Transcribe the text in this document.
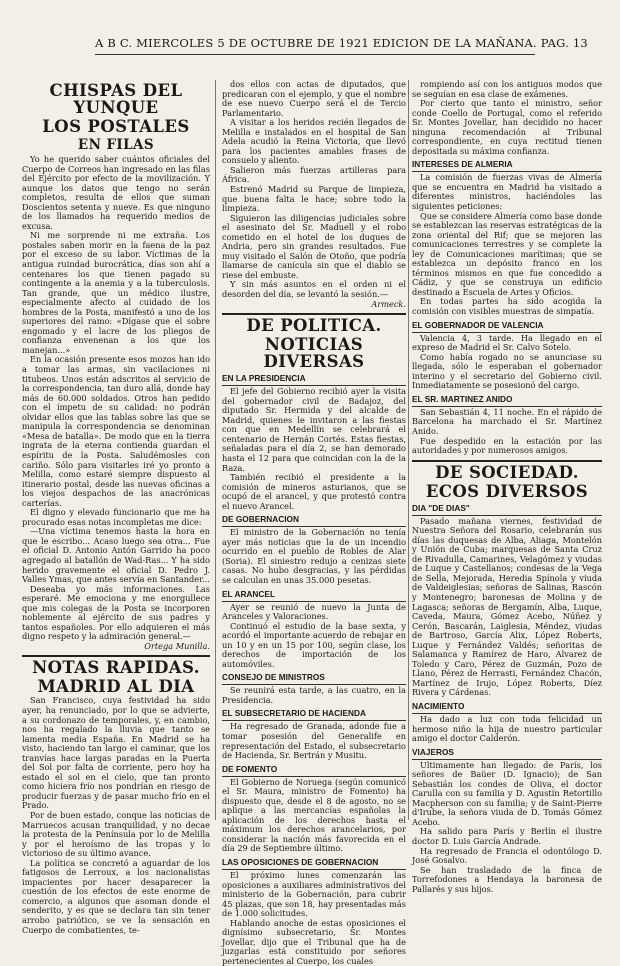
A B C. MIERCOLES 5 DE OCTUBRE DE 1921 EDICION DE LA MAÑANA. PAG. 13
CHISPAS DEL YUNQUE
LOS POSTALES
EN FILAS

Yo he querido saber cuántos oficiales del Cuerpo de Correos han ingresado en las filas del Ejército por efecto de la movilización. Y aunque los datos que tengo no serán completos, resulta de ellos que suman Doscientos setenta y nueve. Es que ninguno de los llamados ha requerido medios de excusa.

Ni me sorprende ni me extraña. Los postales saben morir en la faena de la paz por el exceso de su labor. Víctimas de la antigua ruindad burocrática, días son ahí a centenares los que tienen pagado su contingente a la anemia y a la tuberculosis. Tan grande, que un médico ilustre, especialmente afecto al cuidado de los hombres de la Posta, manifestó a uno de los superiores del ramo: «Dígase que el sobre engomado y el lacre de los pliegos de confianza envenenan a los que los manejan...»

En la ocasión presente esos mozos han ido a tomar las armas, sin vacilaciones ni titubeos. Unos están adscritos al servicio de la correspondencia, tan duro allá, donde hay más de 60.000 soldados. Otros han pedido con el ímpetu de su calidad: no podrán olvidar ellos que las tablas sobre las que se manipula la correspondencia se denominan «Mesa de batalla». De modo que en la tierra ingrata de la eterna contienda guardan el espíritu de la Posta. Saludémosles con cariño. Sólo para visitarles iré yo pronto a Melilla, como estaré siempre dispuesto al itinerario postal, desde las nuevas oficinas a los viejos despachos de las anacrónicas carterías.

El digno y elevado funcionario que me ha procurado esas notas incompletas me dice:

—Una víctima tenemos hasta la hora en que le escribo... Acaso luego sea otra... Fue el oficial D. Antonio Antón Garrido ha poco agregado al batallón de Wad-Ras... Y ha sido herido gravemente el oficial D. Pedro J. Valles Ymas, que antes servía en Santander...

Deseaba yo más informaciones. Las esperaré. Me emociona y me enorgullece que mis colegas de la Posta se incorporen noblemente al ejército de sus padres y tantos españoles. Por ello adquieren el más digno respeto y la admiración general.—

Ortega Munilla.

NOTAS RAPIDAS.
MADRID AL DIA

San Francisco, cuya festividad ha sido ayer, ha renunciado, por lo que se advierte, a su cordonazo de temporales, y, en cambio, nos ha regalado la lluvia que tanto se lamenta media España. En Madrid se ha visto, haciendo tan largo el caminar, que los tranvías hace largas paradas en la Puerta del Sol por falta de corriente, pero hoy ha estado el sol en el cielo, que tan pronto como hiciera frío nos pondrían en riesgo de producir fuerzas y de pasar mucho frío en el Prado.

Por de buen estado, conque las noticias de Marruecos acusan tranquilidad, y no decae la protesta de la Península por lo de Melilla y por el heroísmo de las tropas y lo victorioso de su último avance.

La política se concretó a aguardar de los fatigosos de Lerroux, a los nacionalistas impacientes por hacer desaparecer la cuestión de los efectos de este enorme de comercio, a algunos que asoman donde el senderito, y es que se declara tan sin tener arrobo patriótico, se ve la sensación en Cuerpo de combatientes, te-

dos ellos con actas de diputados, que predicaran con el ejemplo, y que el nombre de ese nuevo Cuerpo será el de Tercio Parlamentario.

A visitar a los heridos recién llegados de Melilla e instalados en el hospital de San Adela acudió la Reina Victoria, que llevó para los pacientes amables frases de consuelo y aliento.

Salieron más fuerzas artilleras para África.

Estrenó Madrid su Parque de limpieza, que buena falta le hace; sobre todo la limpieza.

Siguieron las diligencias judiciales sobre el asesinato del Sr. Maduell y el robo cometido en el hotel de los duques de Andria, pero sin grandes resultados. Fue muy visitado el Salón de Otoño, que podría llamarse de canícula sin que el diablo se riese del embuste.

Y sin más asuntos en el orden ni el desorden del día, se levantó la sesión.—

Armeck.

DE POLITICA.
NOTICIAS DIVERSAS
EN LA PRESIDENCIA

El jefe del Gobierno recibió ayer la visita del gobernador civil de Badajoz, del diputado Sr. Hermida y del alcalde de Madrid, quienes le invitaron a las fiestas con que en Medellín se celebrará el centenario de Hernán Cortés. Estas fiestas, señaladas para el día 2, se han demorado hasta el 12 para que coincidan con la de la Raza.

También recibió el presidente a la comisión de mineros asturianos, que se ocupó de el arancel, y que protestó contra el nuevo Arancel.

DE GOBERNACION

El ministro de la Gobernación no tenía ayer más noticias que la de un incendio ocurrido en el pueblo de Robles de Alar (Soria). El siniestro redujo a cenizas siete casas. No hubo desgracias, y las pérdidas se calculan en unas 35.000 pesetas.

EL ARANCEL

Ayer se reunió de nuevo la Junta de Aranceles y Valoraciones.

Continuó el estudio de la base sexta, y acordó el importante acuerdo de rebajar en un 10 y en un 15 por 100, según clase, los derechos de importación de los automóviles.

CONSEJO DE MINISTROS

Se reunirá esta tarde, a las cuatro, en la Presidencia.

EL SUBSECRETARIO DE HACIENDA

Ha regresado de Granada, adonde fue a tomar posesión del Generalife en representación del Estado, el subsecretario de Hacienda, Sr. Bertrán y Musitu.

DE FOMENTO

El Gobierno de Noruega (según comunicó el Sr. Maura, ministro de Fomento) ha dispuesto que, desde el 8 de agosto, no se aplique a las mercancías españolas la aplicación de los derechos hasta el máximum los derechos arancelarios, por considerar la nación más favorecida en el día 29 de Septiembre último.

LAS OPOSICIONES DE GOBERNACION

El próximo lunes comenzarán las oposiciones a auxiliares administrativos del ministerio de la Gobernación, para cubrir 45 plazas, que son 18, hay presentadas más de 1.000 solicitudes.

Hablando anoche de estas oposiciones el dignísimo subsecretario, Sr. Montes Jovellar, dijo que el Tribunal que ha de juzgarlas está constituido por señores pertenecientes al Cuerpo, los cuales

rompiendo así con los antiguos modos que se seguían en esa clase de exámenes.

Por cierto que tanto el ministro, señor conde Coello de Portugal, como el referido Sr. Montes Jovellar, han decidido no hacer ninguna recomendación al Tribunal correspondiente, en cuya rectitud tienen depositada su máxima confianza.

INTERESES DE ALMERIA

La comisión de fuerzas vivas de Almería que se encuentra en Madrid ha visitado a diferentes ministros, haciéndoles las siguientes peticiones:

Que se considere Almería como base donde se establezcan las reservas estratégicas de la zona oriental del Rif; que se mejoren las comunicaciones terrestres y se complete la ley de Comunicaciones marítimas; que se establezca un depósito franco en los términos mismos en que fue concedido a Cádiz, y que se construya un edificio destinado a Escuela de Artes y Oficios.

En todas partes ha sido acogida la comisión con visibles muestras de simpatía.

EL GOBERNADOR DE VALENCIA

Valencia 4, 3 tarde. Ha llegado en el expreso de Madrid el Sr. Calvo Sotelo.

Como había rogado no se anunciase su llegada, sólo le esperaban el gobernador interino y el secretario del Gobierno civil. Inmediatamente se posesionó del cargo.

EL SR. MARTINEZ ANIDO

San Sebastián 4, 11 noche. En el rápido de Barcelona ha marchado el Sr. Martínez Anido.

Fue despedido en la estación por las autoridades y por numerosos amigos.

DE SOCIEDAD.
ECOS DIVERSOS
DIA "DE DIAS"

Pasado mañana viernes, festividad de Nuestra Señora del Rosario, celebrarán sus días las duquesas de Alba, Aliaga, Montelón y Unión de Cuba; marquesas de Santa Cruz de Rivadulla, Camarines, Velagómez y viudas de Luque y Castellanos; condesas de la Vega de Sella, Mejorada, Heredia Spínola y viuda de Valdeiglesias; señoras de Salinas, Rascón y Montenegro; baronesas de Molina y de Lagasca; señoras de Bergamín, Alba, Luque, Caveda, Maura, Gómez Acebo, Núñez y Cerón, Bascarán, Laiglesia, Méndez, viudas de Bartroso, García Alix, López Roberts, Luque y Fernández Valdés; señoritas de Salamanca y Ramírez de Haro, Alvarez de Toledo y Caro, Pérez de Guzmán, Pozo de Llano, Pérez de Herrasti, Fernández Chacón, Martínez de Irujo, López Roberts, Díez Rivera y Cárdenas.

NACIMIENTO

Ha dado a luz con toda felicidad un hermoso niño la hija de nuestro particular amigo el doctor Calderón.

VIAJEROS

Ultimamente han llegado: de París, los señores de Baüer (D. Ignacio); de San Sebastián los condes de Oliva, el doctor Carulla con su familia y D. Agustín Retortillo Macpherson con su familia; y de Saint-Pierre d'Irube, la señora viuda de D. Tomás Gómez Acebo.

Ha salido para París y Berlín el ilustre doctor D. Luis García Andrade.

Ha regresado de Francia el odontólogo D. José Gosalvo.

Se han trasladado de la finca de Torrefodones a Hendaya la baronesa de Pallarés y sus hijos.
